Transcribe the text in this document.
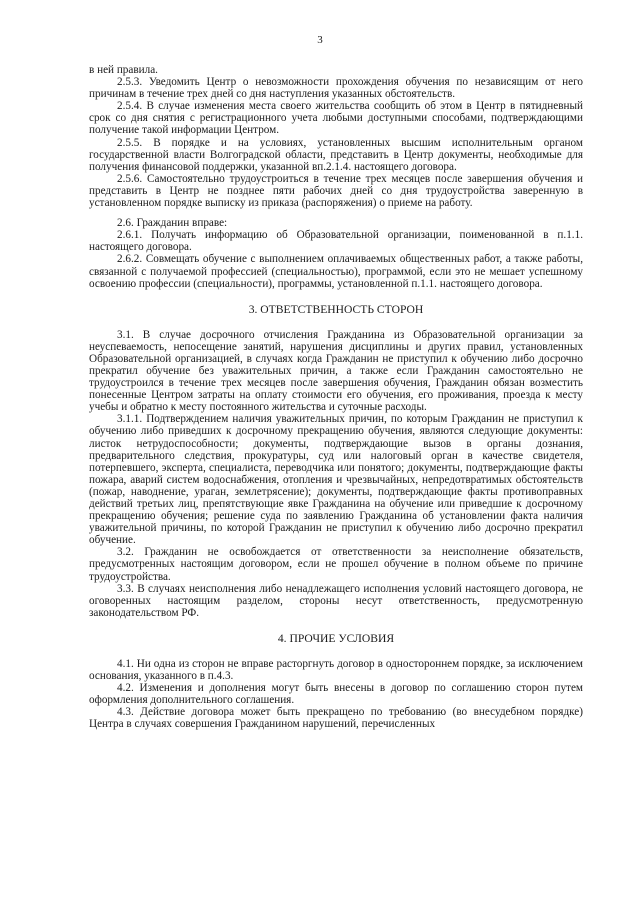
3

в ней правила.

2.5.3. Уведомить Центр о невозможности прохождения обучения по независящим от него причинам в течение трех дней со дня наступления указанных обстоятельств.

2.5.4. В случае изменения места своего жительства сообщить об этом в Центр в пятидневный срок со дня снятия с регистрационного учета любыми доступными способами, подтверждающими получение такой информации Центром.

2.5.5. В порядке и на условиях, установленных высшим исполнительным органом государственной власти Волгоградской области, представить в Центр документы, необходимые для получения финансовой поддержки, указанной вп.2.1.4. настоящего договора.

2.5.6. Самостоятельно трудоустроиться в течение трех месяцев после завершения обучения и представить в Центр не позднее пяти рабочих дней со дня трудоустройства заверенную в установленном порядке выписку из приказа (распоряжения) о приеме на работу.

2.6. Гражданин вправе:

2.6.1. Получать информацию об Образовательной организации, поименованной в п.1.1. настоящего договора.

2.6.2. Совмещать обучение с выполнением оплачиваемых общественных работ, а также работы, связанной с получаемой профессией (специальностью), программой, если это не мешает успешному освоению профессии (специальности), программы, установленной п.1.1. настоящего договора.

3. ОТВЕТСТВЕННОСТЬ СТОРОН

3.1. В случае досрочного отчисления Гражданина из Образовательной организации за неуспеваемость, непосещение занятий, нарушения дисциплины и других правил, установленных Образовательной организацией, в случаях когда Гражданин не приступил к обучению либо досрочно прекратил обучение без уважительных причин, а также если Гражданин самостоятельно не трудоустроился в течение трех месяцев после завершения обучения, Гражданин обязан возместить понесенные Центром затраты на оплату стоимости его обучения, его проживания, проезда к месту учебы и обратно к месту постоянного жительства и суточные расходы.

3.1.1. Подтверждением наличия уважительных причин, по которым Гражданин не приступил к обучению либо приведших к досрочному прекращению обучения, являются следующие документы: листок нетрудоспособности; документы, подтверждающие вызов в органы дознания, предварительного следствия, прокуратуры, суд или налоговый орган в качестве свидетеля, потерпевшего, эксперта, специалиста, переводчика или понятого; документы, подтверждающие факты пожара, аварий систем водоснабжения, отопления и чрезвычайных, непредотвратимых обстоятельств (пожар, наводнение, ураган, землетрясение); документы, подтверждающие факты противоправных действий третьих лиц, препятствующие явке Гражданина на обучение или приведшие к досрочному прекращению обучения; решение суда по заявлению Гражданина об установлении факта наличия уважительной причины, по которой Гражданин не приступил к обучению либо досрочно прекратил обучение.

3.2. Гражданин не освобождается от ответственности за неисполнение обязательств, предусмотренных настоящим договором, если не прошел обучение в полном объеме по причине трудоустройства.

3.3. В случаях неисполнения либо ненадлежащего исполнения условий настоящего договора, не оговоренных настоящим разделом, стороны несут ответственность, предусмотренную законодательством РФ.

4. ПРОЧИЕ УСЛОВИЯ

4.1. Ни одна из сторон не вправе расторгнуть договор в одностороннем порядке, за исключением основания, указанного в п.4.3.

4.2. Изменения и дополнения могут быть внесены в договор по соглашению сторон путем оформления дополнительного соглашения.

4.3. Действие договора может быть прекращено по требованию (во внесудебном порядке) Центра в случаях совершения Гражданином нарушений, перечисленных
